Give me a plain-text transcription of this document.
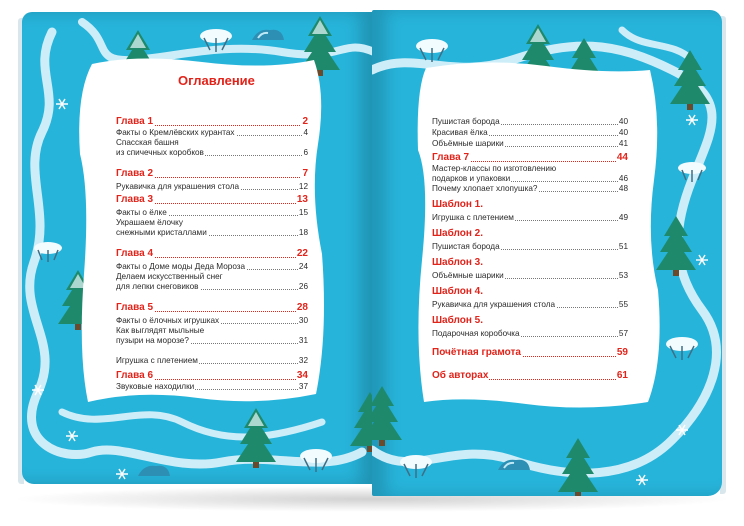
Оглавление
Глава 1	2
Факты о Кремлёвских курантах	4
Спасская башня
из спичечных коробков	6
Глава 2	7
Рукавичка для украшения стола	12
Глава 3	13
Факты о ёлке	15
Украшаем ёлочку
снежными кристаллами	18
Глава 4	22
Факты о Доме моды Деда Мороза	24
Делаем искусственный снег
для лепки снеговиков	26
Глава 5	28
Факты о ёлочных игрушках	30
Как выглядят мыльные
пузыри на морозе?	31
Игрушка с плетением	32
Глава 6	34
Звуковые находилки	37
Пушистая борода	40
Красивая ёлка	40
Объёмные шарики	41
Глава 7	44
Мастер-классы по изготовлению
подарков и упаковки	46
Почему хлопает хлопушка?	48
Шаблон 1.
Игрушка с плетением	49
Шаблон 2.
Пушистая борода	51
Шаблон 3.
Объёмные шарики	53
Шаблон 4.
Рукавичка для украшения стола	55
Шаблон 5.
Подарочная коробочка	57
Почётная грамота	59
Об авторах	61
